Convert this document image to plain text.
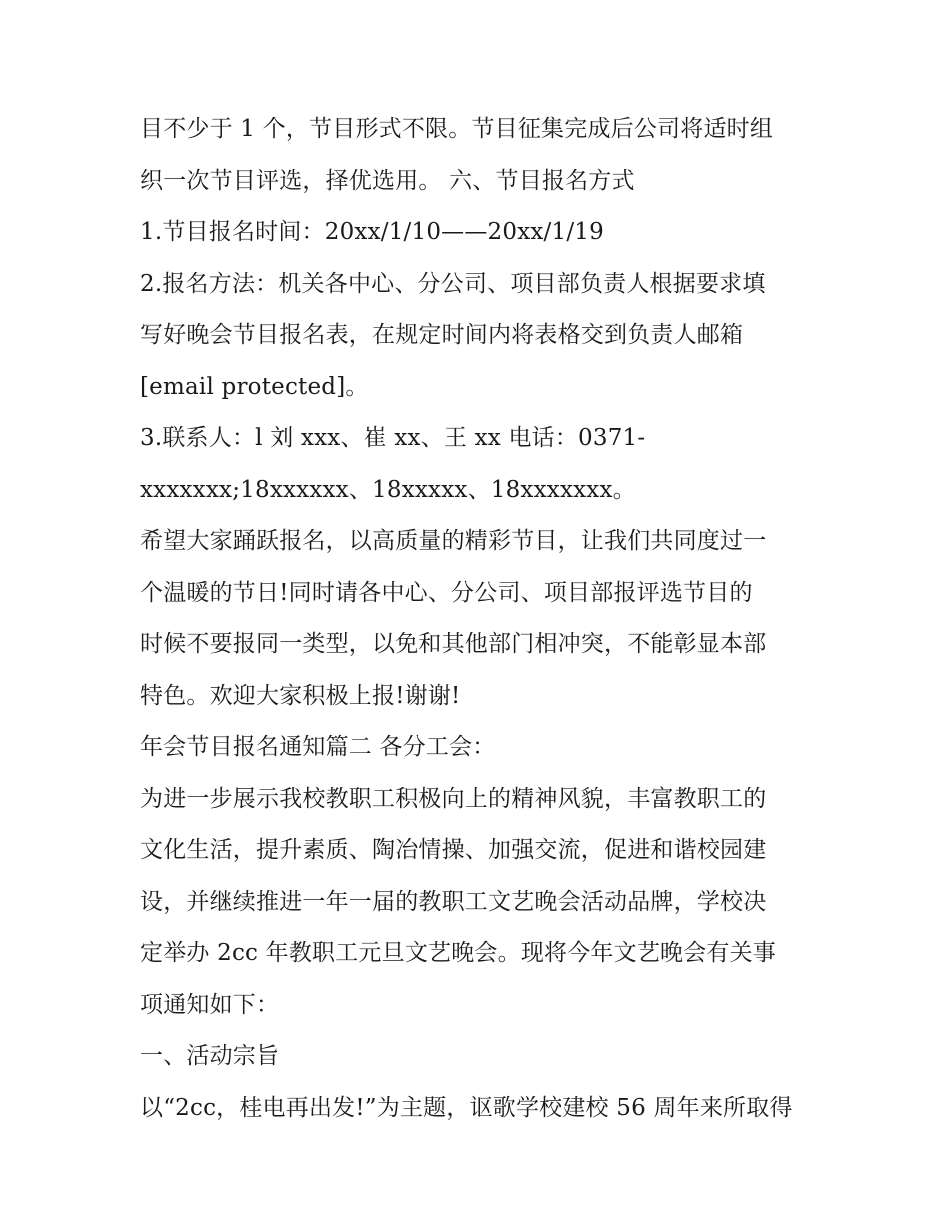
目不少于 1 个，节目形式不限。节目征集完成后公司将适时组
织一次节目评选，择优选用。 六、节目报名方式
1.节目报名时间：20xx/1/10——20xx/1/19
2.报名方法：机关各中心、分公司、项目部负责人根据要求填
写好晚会节目报名表，在规定时间内将表格交到负责人邮箱
[email protected]。
3.联系人：l 刘 xxx、崔 xx、王 xx 电话：0371-
xxxxxxx;18xxxxxx、18xxxxx、18xxxxxxx。
希望大家踊跃报名，以高质量的精彩节目，让我们共同度过一
个温暖的节日!同时请各中心、分公司、项目部报评选节目的
时候不要报同一类型，以免和其他部门相冲突，不能彰显本部
特色。欢迎大家积极上报!谢谢!
年会节目报名通知篇二 各分工会：
为进一步展示我校教职工积极向上的精神风貌，丰富教职工的
文化生活，提升素质、陶冶情操、加强交流，促进和谐校园建
设，并继续推进一年一届的教职工文艺晚会活动品牌，学校决
定举办 2cc 年教职工元旦文艺晚会。现将今年文艺晚会有关事
项通知如下：
一、活动宗旨
以“2cc，桂电再出发!”为主题，讴歌学校建校 56 周年来所取得
